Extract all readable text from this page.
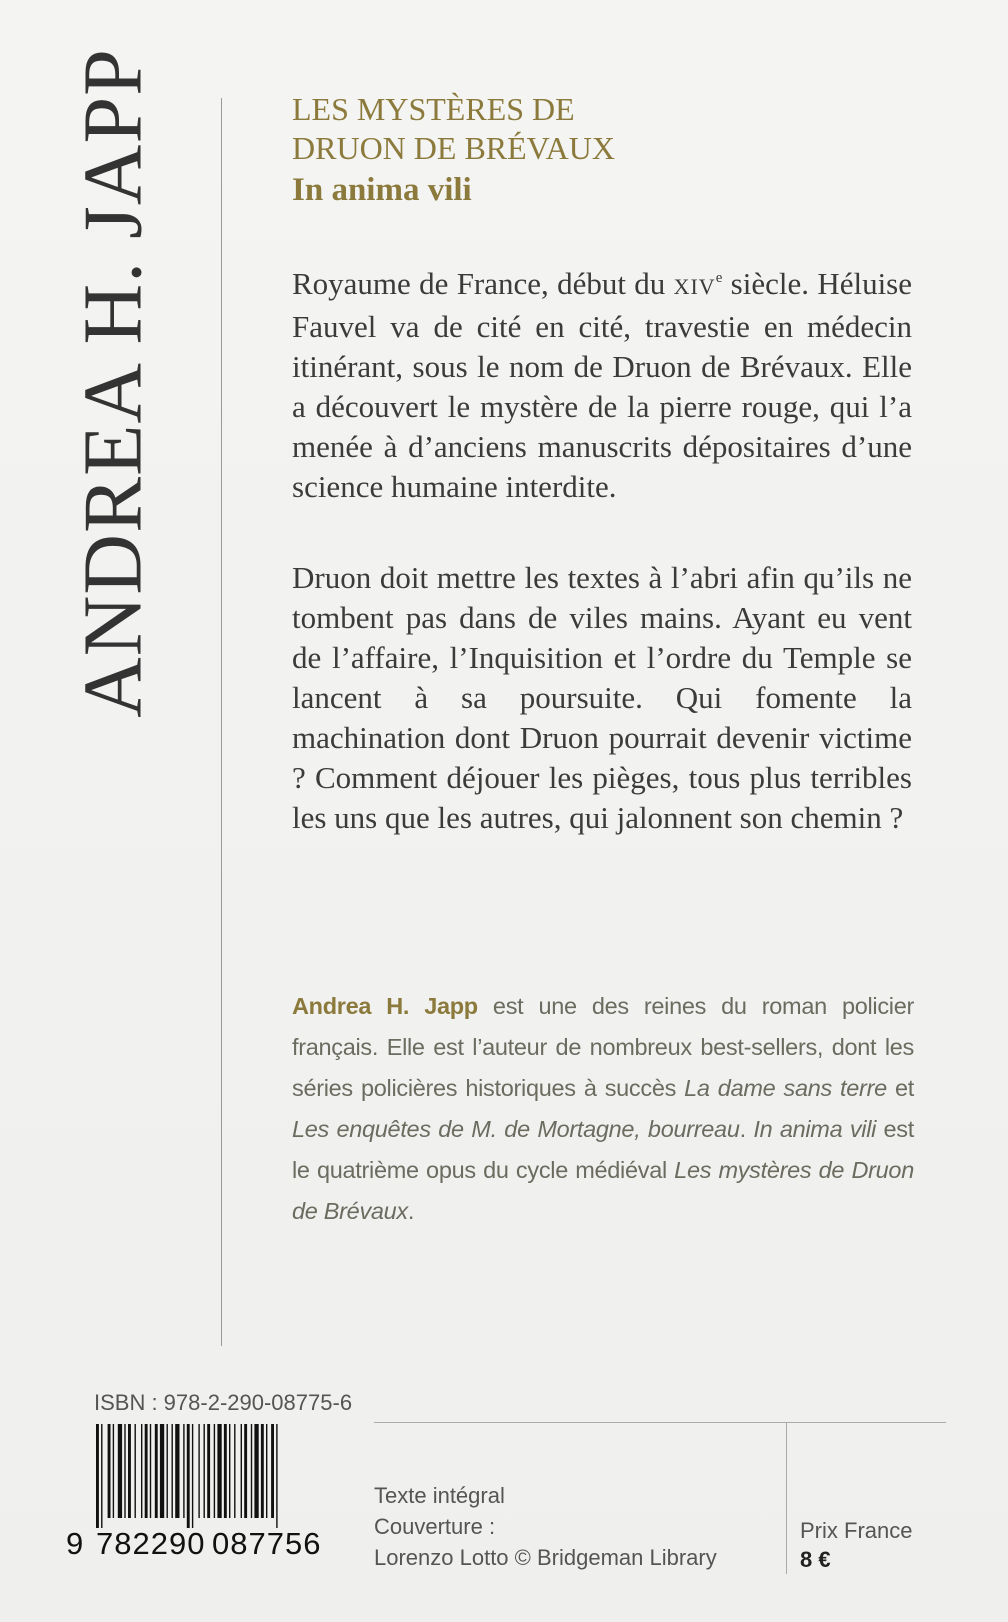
ANDREA H. JAPP	LES MYSTÈRES DE
DRUON DE BRÉVAUX
In anima vili
Royaume de France, début du XIVe siècle. Héluise Fauvel va de cité en cité, travestie en médecin itinérant, sous le nom de Druon de Brévaux. Elle a découvert le mystère de la pierre rouge, qui l’a menée à d’anciens manuscrits dépositaires d’une science humaine interdite.
Druon doit mettre les textes à l’abri afin qu’ils ne tombent pas dans de viles mains. Ayant eu vent de l’affaire, l’Inquisition et l’ordre du Temple se lancent à sa poursuite. Qui fomente la machination dont Druon pourrait devenir victime ? Comment déjouer les pièges, tous plus terribles les uns que les autres, qui jalonnent son chemin ?
Andrea H. Japp est une des reines du roman policier français. Elle est l’auteur de nombreux best-sellers, dont les séries policières historiques à succès La dame sans terre et Les enquêtes de M. de Mortagne, bourreau. In anima vili est le quatrième opus du cycle médiéval Les mystères de Druon de Brévaux.
ISBN : 978-2-290-08775-6
9 782290 087756
Texte intégral
Couverture :
Lorenzo Lotto © Bridgeman Library
Prix France
8 €
